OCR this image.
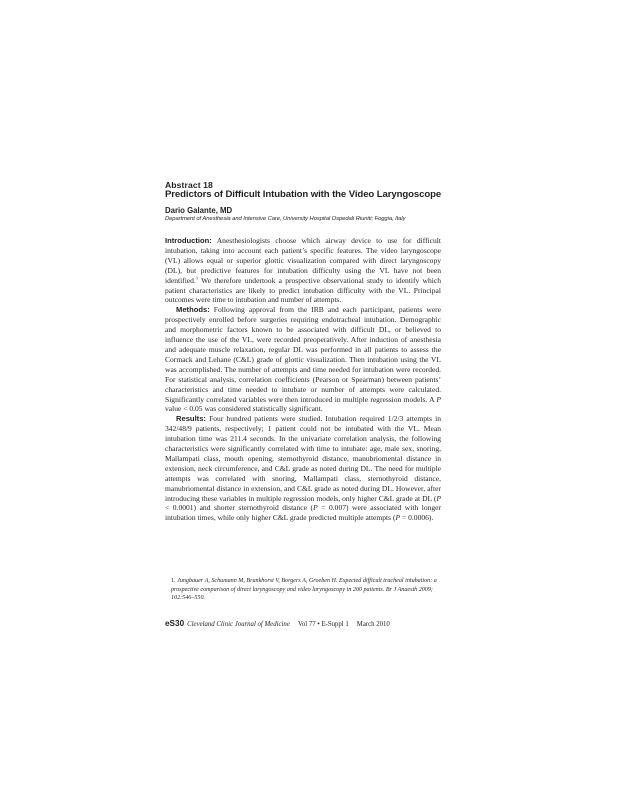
Abstract 18
Predictors of Difficult Intubation with the Video Laryngoscope
Dario Galante, MD
Department of Anesthesia and Intensive Care, University Hospital Ospedali Riuniti; Foggia, Italy

Introduction: Anesthesiologists choose which airway device to use for difficult intubation, taking into account each patient’s specific features. The video laryngoscope (VL) allows equal or superior glottic visualization compared with direct laryngoscopy (DL), but predictive features for intubation difficulty using the VL have not been identified.$^1$ We therefore undertook a prospective observational study to identify which patient characteristics are likely to predict intubation difficulty with the VL. Principal outcomes were time to intubation and number of attempts.

Methods: Following approval from the IRB and each participant, patients were prospectively enrolled before surgeries requiring endotracheal intubation. Demographic and morphometric factors known to be associated with difficult DL, or believed to influence the use of the VL, were recorded preoperatively. After induction of anesthesia and adequate muscle relaxation, regular DL was performed in all patients to assess the Cormack and Lehane (C&L) grade of glottic visualization. Then intubation using the VL was accomplished. The number of attempts and time needed for intubation were recorded. For statistical analysis, correlation coefficients (Pearson or Spearman) between patients’ characteristics and time needed to intubate or number of attempts were calculated. Significantly correlated variables were then introduced in multiple regression models. A P value < 0.05 was considered statistically significant.

Results: Four hundred patients were studied. Intubation required 1/2/3 attempts in 342/48/9 patients, respectively; 1 patient could not be intubated with the VL. Mean intubation time was 211.4 seconds. In the univariate correlation analysis, the following characteristics were significantly correlated with time to intubate: age, male sex, snoring, Mallampati class, mouth opening, sternothyroid distance, manubriomental distance in extension, neck circumference, and C&L grade as noted during DL. The need for multiple attempts was correlated with snoring, Mallampati class, sternothyroid distance, manubriomental distance in extension, and C&L grade as noted during DL. However, after introducing these variables in multiple regression models, only higher C&L grade at DL (P < 0.0001) and shorter sternothyroid distance (P = 0.007) were associated with longer intubation times, while only higher C&L grade predicted multiple attempts (P = 0.0006).

1. Jungbauer A, Schumann M, Brunkhorst V, Borgers A, Groeben H. Expected difficult tracheal intubation: a prospective comparison of direct laryngoscopy and video laryngoscopy in 200 patients. Br J Anaesth 2009; 102:546–550.
eS30 Cleveland Clinic Journal of Medicine Vol 77 • E-Suppl 1 March 2010
